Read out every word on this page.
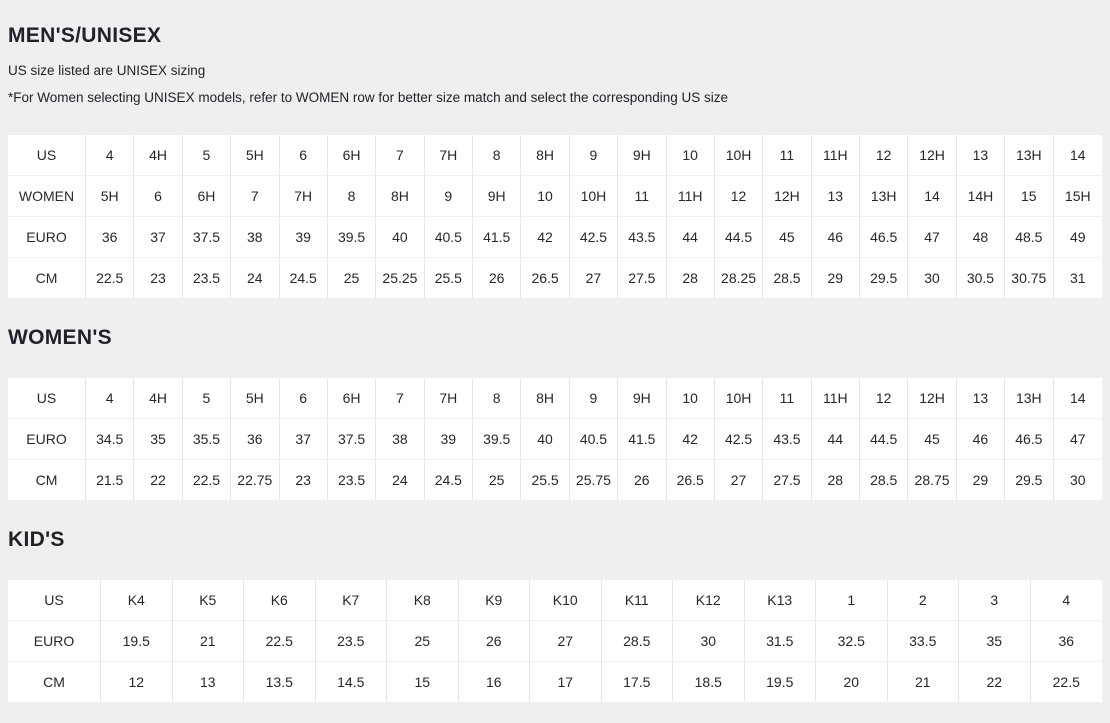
MEN'S/UNISEX

US size listed are UNISEX sizing

*For Women selecting UNISEX models, refer to WOMEN row for better size match and select the corresponding US size

US	4	4H	5	5H	6	6H	7	7H	8	8H	9	9H	10	10H	11	11H	12	12H	13	13H	14
WOMEN	5H	6	6H	7	7H	8	8H	9	9H	10	10H	11	11H	12	12H	13	13H	14	14H	15	15H
EURO	36	37	37.5	38	39	39.5	40	40.5	41.5	42	42.5	43.5	44	44.5	45	46	46.5	47	48	48.5	49
CM	22.5	23	23.5	24	24.5	25	25.25	25.5	26	26.5	27	27.5	28	28.25	28.5	29	29.5	30	30.5	30.75	31
WOMEN'S
US	4	4H	5	5H	6	6H	7	7H	8	8H	9	9H	10	10H	11	11H	12	12H	13	13H	14
EURO	34.5	35	35.5	36	37	37.5	38	39	39.5	40	40.5	41.5	42	42.5	43.5	44	44.5	45	46	46.5	47
CM	21.5	22	22.5	22.75	23	23.5	24	24.5	25	25.5	25.75	26	26.5	27	27.5	28	28.5	28.75	29	29.5	30
KID'S
US	K4	K5	K6	K7	K8	K9	K10	K11	K12	K13	1	2	3	4
EURO	19.5	21	22.5	23.5	25	26	27	28.5	30	31.5	32.5	33.5	35	36
CM	12	13	13.5	14.5	15	16	17	17.5	18.5	19.5	20	21	22	22.5
